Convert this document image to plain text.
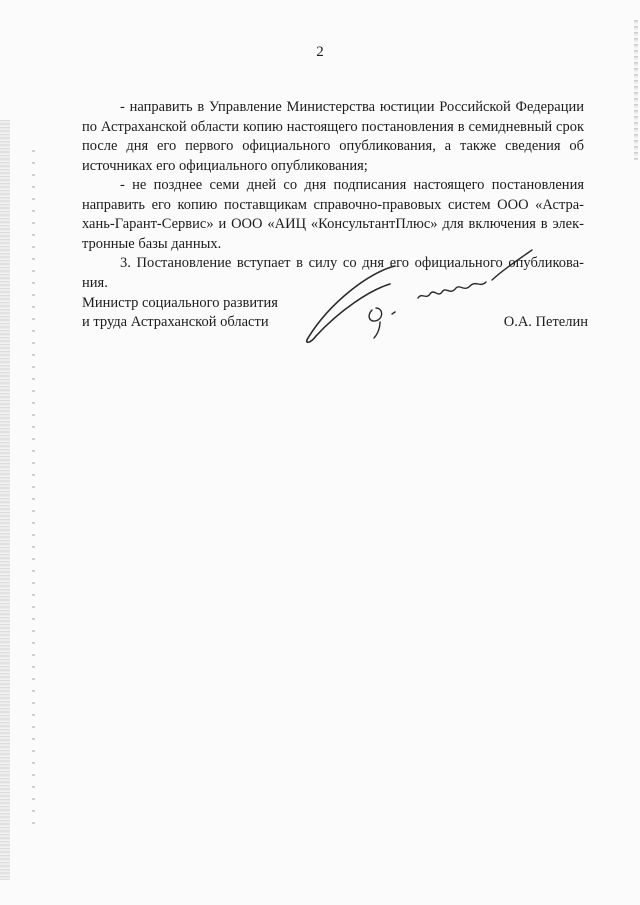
2

- направить в Управление Министерства юстиции Российской Федерации по Астраханской области копию настоящего постановления в семидневный срок после дня его первого официального опубликования, а также сведения об источниках его официального опубликования;

- не позднее семи дней со дня подписания настоящего постановления направить его копию поставщикам справочно-правовых систем ООО «Астрахань-Гарант-Сервис» и ООО «АИЦ «КонсультантПлюс» для включения в электронные базы данных.

3. Постановление вступает в силу со дня его официального опубликования.

Министр социального развития
и труда Астраханской области	О.А. Петелин
